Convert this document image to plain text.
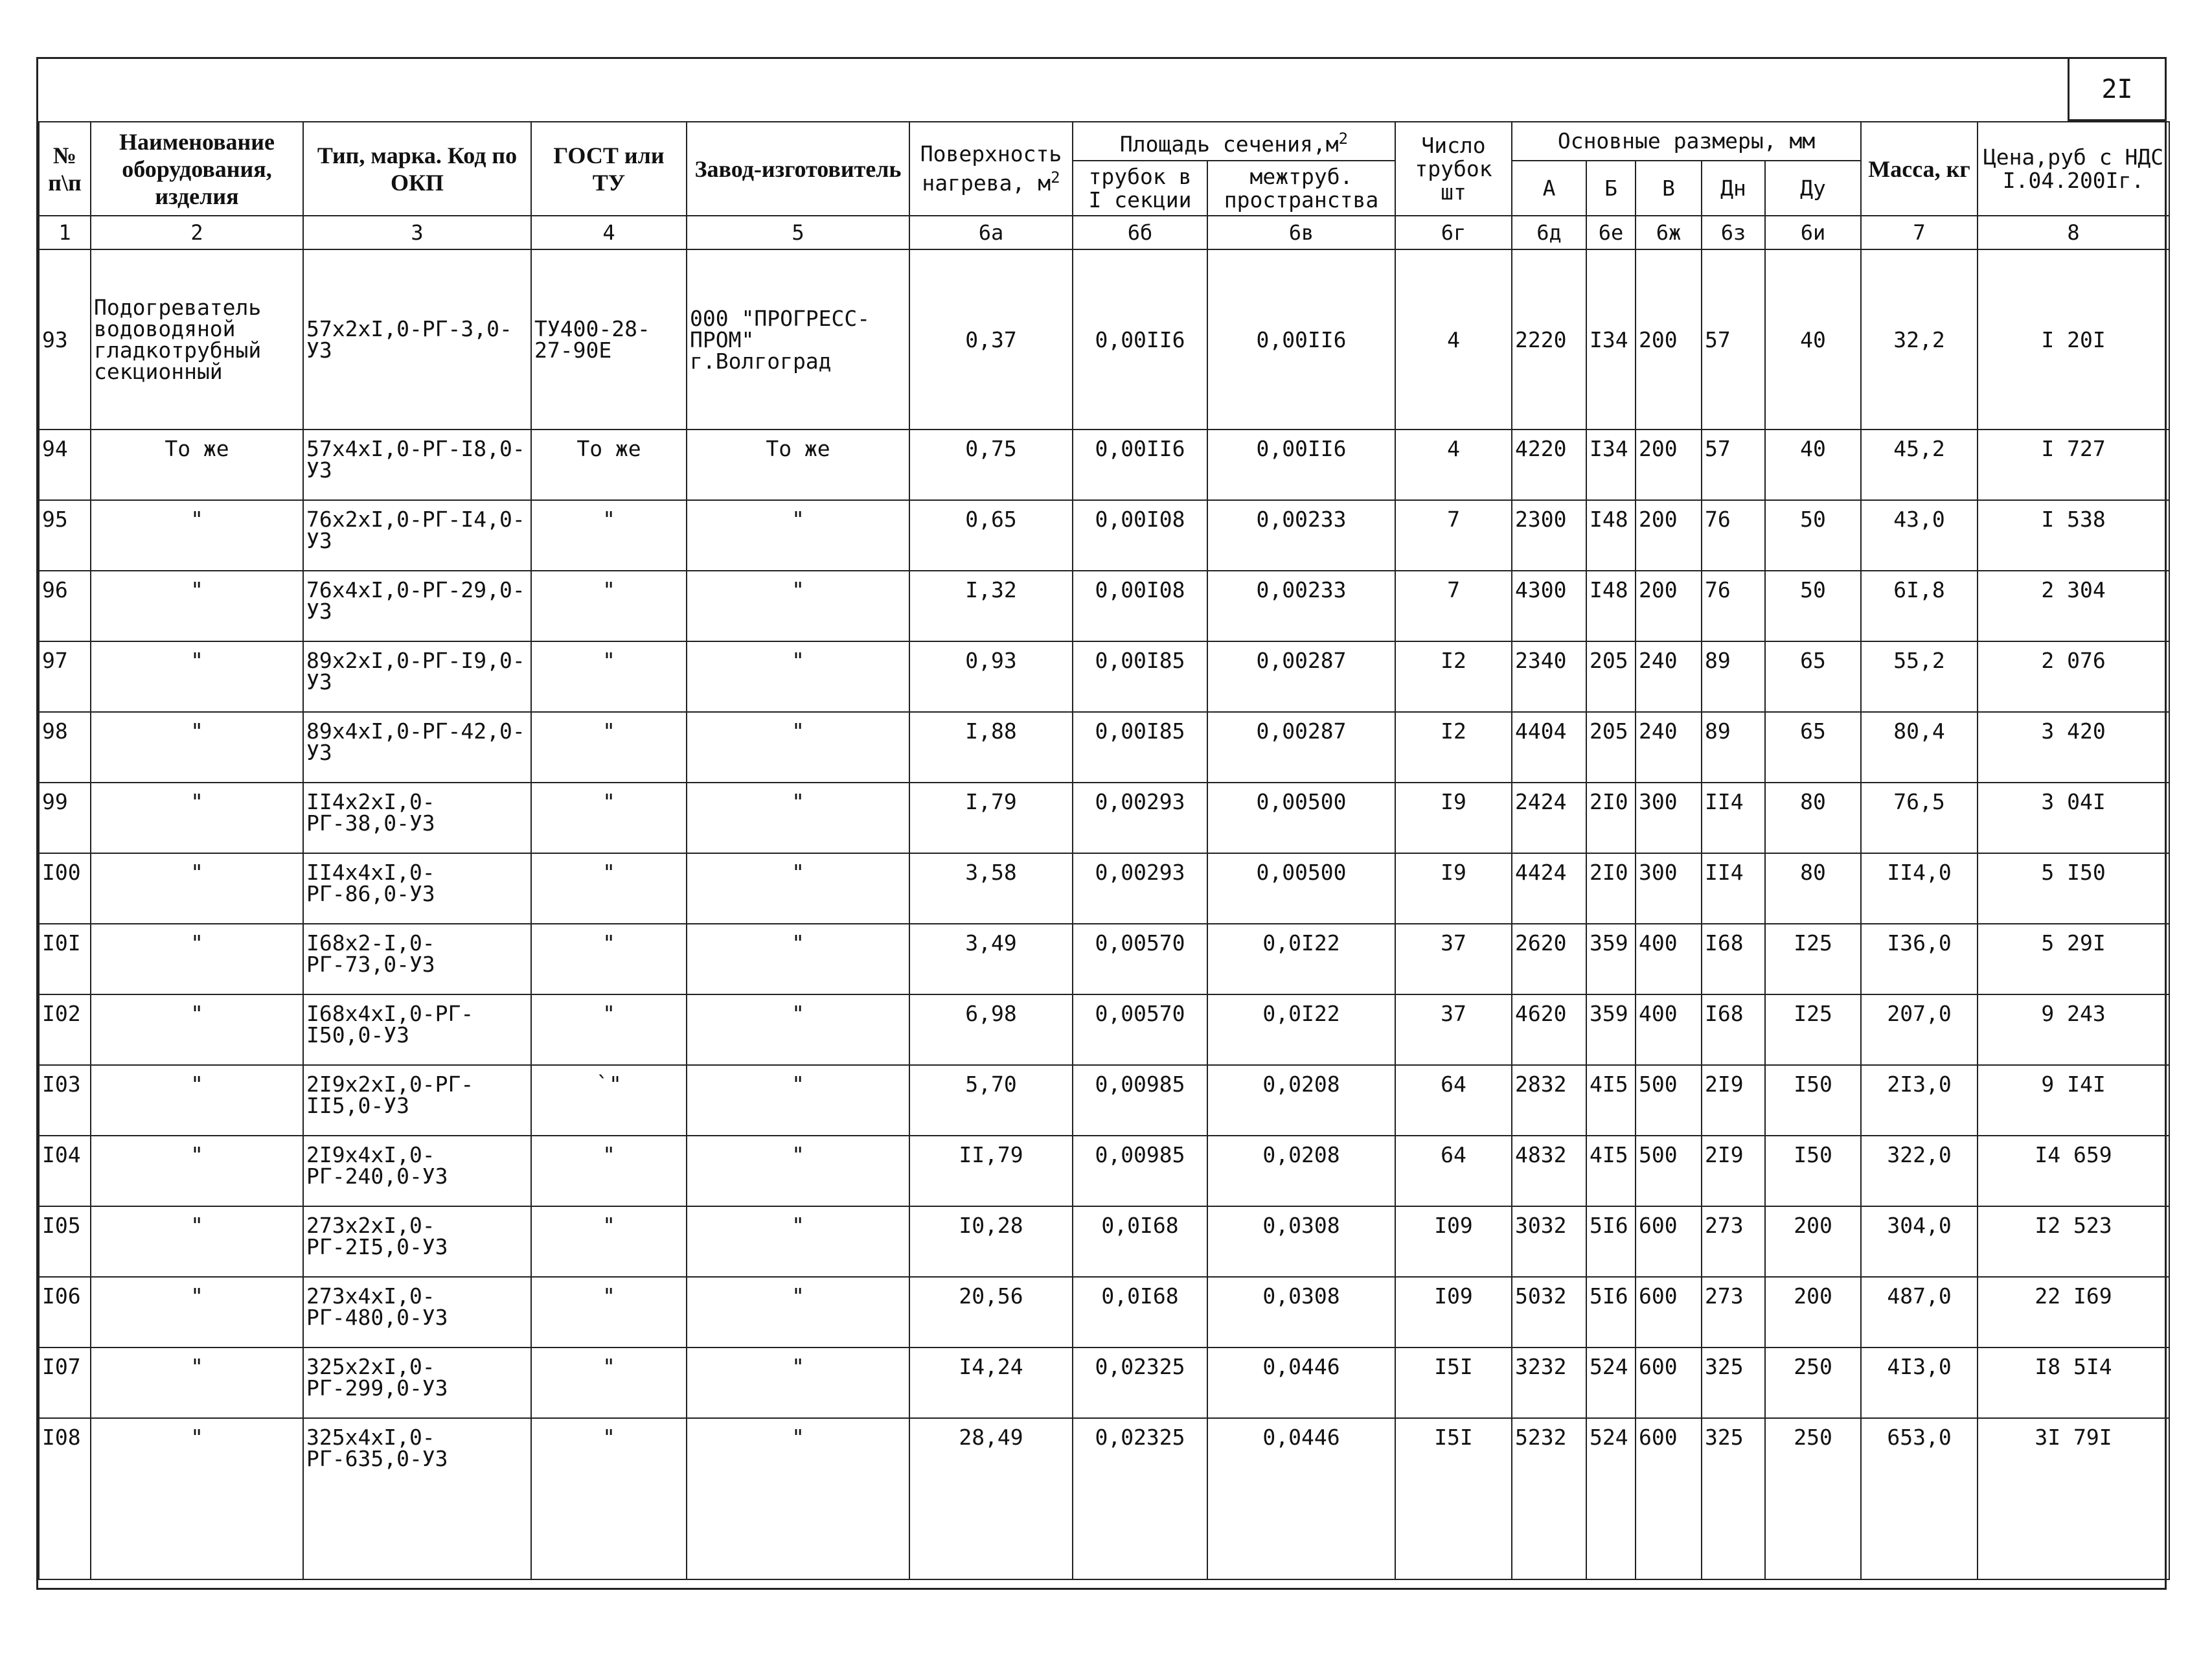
2I
№ п\п	Наименование оборудования, изделия	Тип, марка. Код по ОКП	ГОСТ или ТУ	Завод-изготовитель	Поверхность нагрева, $м^2$	Площадь $сечения,м^2$		Число трубок шт	Основные размеры, мм					Масса, кг	Цена,руб с НДС I.04.200Iг.
						трубок в I секции	межтруб. пространства		А	Б	В	Дн	Ду		
1	2	3	4	5	6а	6б	6в	6г	6д	6е	6ж	6з	6и	7	8
93	Подогреватель водоводяной гладкотрубный секционный	57х2хI,0-РГ-3,0-У3	ТУ400-28-27-90Е	000 "ПРОГРЕСС-ПРОМ" г.Волгоград	0,37	0,00II6	0,00II6	4	2220	I34	200	57	40	32,2	I 20I
94	То же	57х4хI,0-РГ-I8,0-У3	То же	То же	0,75	0,00II6	0,00II6	4	4220	I34	200	57	40	45,2	I 727
95	"	76х2хI,0-РГ-I4,0-У3	"	"	0,65	0,00I08	0,00233	7	2300	I48	200	76	50	43,0	I 538
96	"	76х4хI,0-РГ-29,0-У3	"	"	I,32	0,00I08	0,00233	7	4300	I48	200	76	50	6I,8	2 304
97	"	89х2хI,0-РГ-I9,0-У3	"	"	0,93	0,00I85	0,00287	I2	2340	205	240	89	65	55,2	2 076
98	"	89х4хI,0-РГ-42,0-У3	"	"	I,88	0,00I85	0,00287	I2	4404	205	240	89	65	80,4	3 420
99	"	II4х2хI,0-РГ-38,0-У3	"	"	I,79	0,00293	0,00500	I9	2424	2I0	300	II4	80	76,5	3 04I
I00	"	II4х4хI,0-РГ-86,0-У3	"	"	3,58	0,00293	0,00500	I9	4424	2I0	300	II4	80	II4,0	5 I50
I0I	"	I68х2-I,0-РГ-73,0-У3	"	"	3,49	0,00570	0,0I22	37	2620	359	400	I68	I25	I36,0	5 29I
I02	"	I68х4хI,0-РГ-I50,0-У3	"	"	6,98	0,00570	0,0I22	37	4620	359	400	I68	I25	207,0	9 243
I03	"	2I9х2хI,0-РГ-II5,0-У3	`"	"	5,70	0,00985	0,0208	64	2832	4I5	500	2I9	I50	2I3,0	9 I4I
I04	"	2I9х4хI,0-РГ-240,0-У3	"	"	II,79	0,00985	0,0208	64	4832	4I5	500	2I9	I50	322,0	I4 659
I05	"	273х2хI,0-РГ-2I5,0-У3	"	"	I0,28	0,0I68	0,0308	I09	3032	5I6	600	273	200	304,0	I2 523
I06	"	273х4хI,0-РГ-480,0-У3	"	"	20,56	0,0I68	0,0308	I09	5032	5I6	600	273	200	487,0	22 I69
I07	"	325х2хI,0-РГ-299,0-У3	"	"	I4,24	0,02325	0,0446	I5I	3232	524	600	325	250	4I3,0	I8 5I4
I08	"	325х4хI,0-РГ-635,0-У3	"	"	28,49	0,02325	0,0446	I5I	5232	524	600	325	250	653,0	3I 79I
